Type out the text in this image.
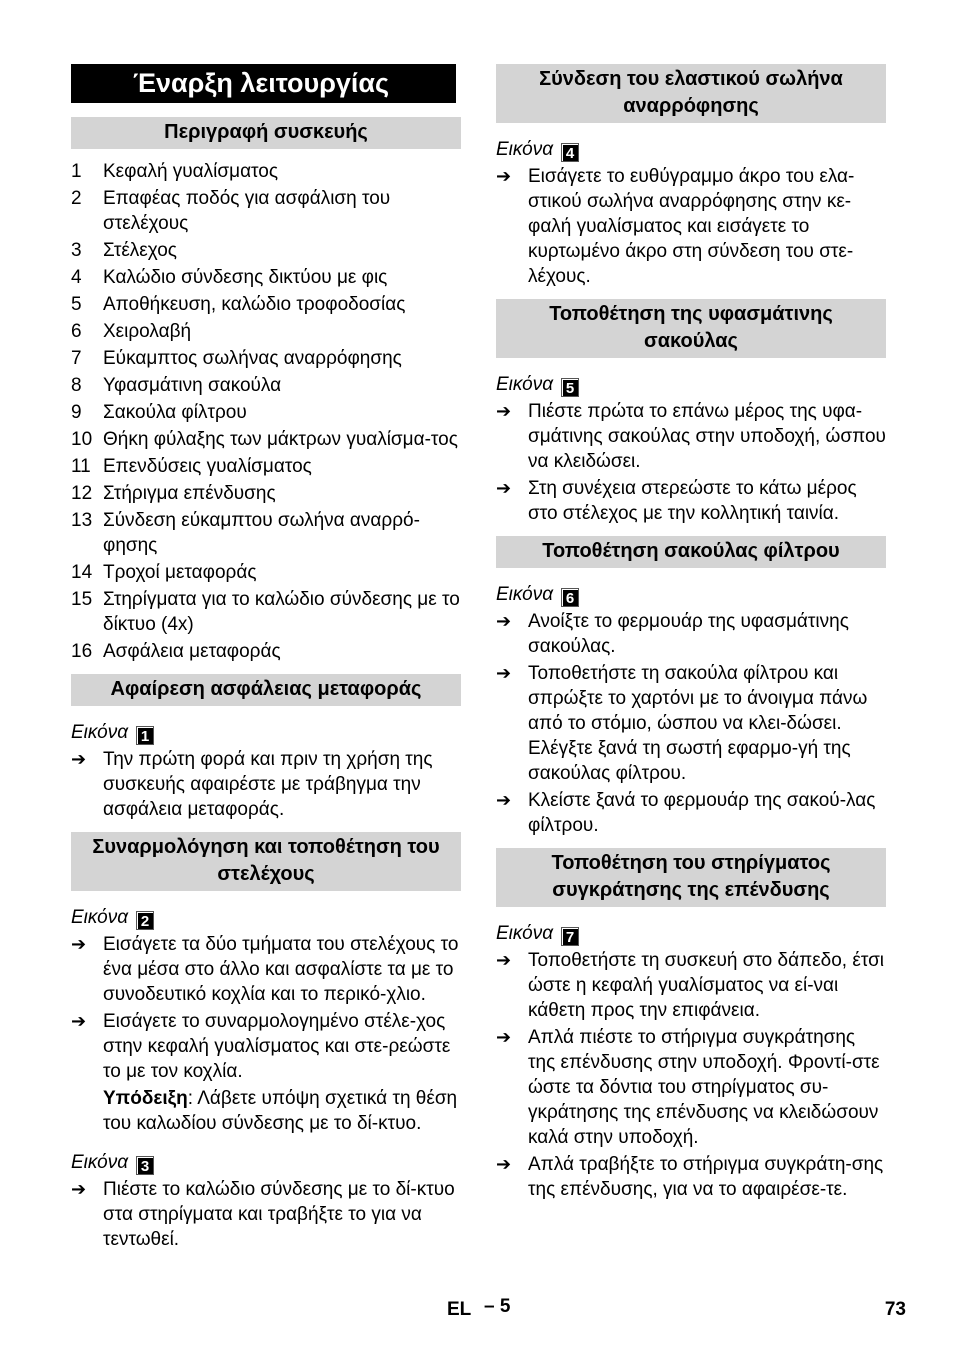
Έναρξη λειτουργίας
Περιγραφή συσκευής
1	Κεφαλή γυαλίσματος
2	Επαφέας ποδός για ασφάλιση του στελέχους
3	Στέλεχος
4	Καλώδιο σύνδεσης δικτύου με φις
5	Αποθήκευση, καλώδιο τροφοδοσίας
6	Χειρολαβή
7	Εύκαμπτος σωλήνας αναρρόφησης
8	Υφασμάτινη σακούλα
9	Σακούλα φίλτρου
10 Θήκη φύλαξης των μάκτρων γυαλίσμα-τος
11 Επενδύσεις γυαλίσματος
12 Στήριγμα επένδυσης
13 Σύνδεση εύκαμπτου σωλήνα αναρρό-φησης
14 Τροχοί μεταφοράς
15 Στηρίγματα για το καλώδιο σύνδεσης με το δίκτυο (4x)
16 Ασφάλεια μεταφοράς
Αφαίρεση ασφάλειας μεταφοράς
Εικόνα 1
➔ Την πρώτη φορά και πριν τη χρήση της συσκευής αφαιρέστε με τράβηγμα την ασφάλεια μεταφοράς.
Συναρμολόγηση και τοποθέτηση του στελέχους
Εικόνα 2
➔ Εισάγετε τα δύο τμήματα του στελέχους το ένα μέσα στο άλλο και ασφαλίστε τα με το συνοδευτικό κοχλία και το περικό-χλιο.
➔ Εισάγετε το συναρμολογημένο στέλε-χος στην κεφαλή γυαλίσματος και στε-ρεώστε το με τον κοχλία.
Υπόδειξη: Λάβετε υπόψη σχετικά τη θέση του καλωδίου σύνδεσης με το δί-κτυο.
Εικόνα 3
➔ Πιέστε το καλώδιο σύνδεσης με το δί-κτυο στα στηρίγματα και τραβήξτε το για να τεντωθεί.
Σύνδεση του ελαστικού σωλήνα αναρρόφησης
Εικόνα 4
➔ Εισάγετε το ευθύγραμμο άκρο του ελα-στικού σωλήνα αναρρόφησης στην κε-φαλή γυαλίσματος και εισάγετε το κυρτωμένο άκρο στη σύνδεση του στε-λέχους.
Τοποθέτηση της υφασμάτινης σακούλας
Εικόνα 5
➔ Πιέστε πρώτα το επάνω μέρος της υφα-σμάτινης σακούλας στην υποδοχή, ώσπου να κλειδώσει.
➔ Στη συνέχεια στερεώστε το κάτω μέρος στο στέλεχος με την κολλητική ταινία.
Τοποθέτηση σακούλας φίλτρου
Εικόνα 6
➔ Ανοίξτε το φερμουάρ της υφασμάτινης σακούλας.
➔ Τοποθετήστε τη σακούλα φίλτρου και σπρώξτε το χαρτόνι με το άνοιγμα πάνω από το στόμιο, ώσπου να κλει-δώσει. Ελέγξτε ξανά τη σωστή εφαρμο-γή της σακούλας φίλτρου.
➔ Κλείστε ξανά το φερμουάρ της σακού-λας φίλτρου.
Τοποθέτηση του στηρίγματος συγκράτησης της επένδυσης
Εικόνα 7
➔ Τοποθετήστε τη συσκευή στο δάπεδο, έτσι ώστε η κεφαλή γυαλίσματος να εί-ναι κάθετη προς την επιφάνεια.
➔ Απλά πιέστε το στήριγμα συγκράτησης της επένδυσης στην υποδοχή. Φροντί-στε ώστε τα δόντια του στηρίγματος συ-γκράτησης της επένδυσης να κλειδώσουν καλά στην υποδοχή.
➔ Απλά τραβήξτε το στήριγμα συγκράτη-σης της επένδυσης, για να το αφαιρέσε-τε.
EL – 5	73
